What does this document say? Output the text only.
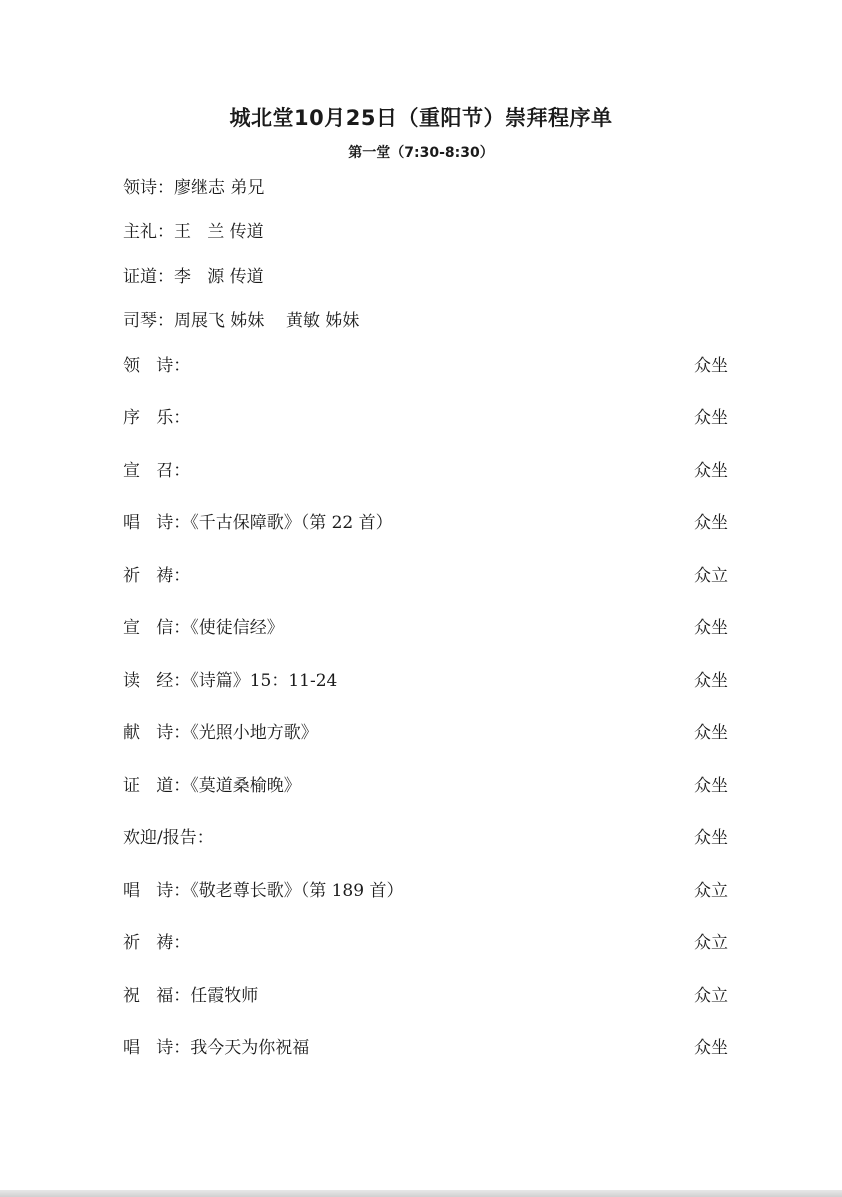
城北堂10月25日（重阳节）崇拜程序单
第一堂（7:30-8:30）
领诗：廖继志 弟兄
主礼：王   兰 传道
证道：李   源 传道
司琴：周展飞 姊妹    黄敏 姊妹
领   诗：	众坐
序   乐：	众坐
宣   召：	众坐
唱   诗：《千古保障歌》（第 22 首）	众坐
祈   祷：	众立
宣   信：《使徒信经》	众坐
读   经：《诗篇》15：11-24	众坐
献   诗：《光照小地方歌》	众坐
证   道：《莫道桑榆晚》	众坐
欢迎/报告：	众坐
唱   诗：《敬老尊长歌》（第 189 首）	众立
祈   祷：	众立
祝   福：任霞牧师	众立
唱   诗：我今天为你祝福	众坐
